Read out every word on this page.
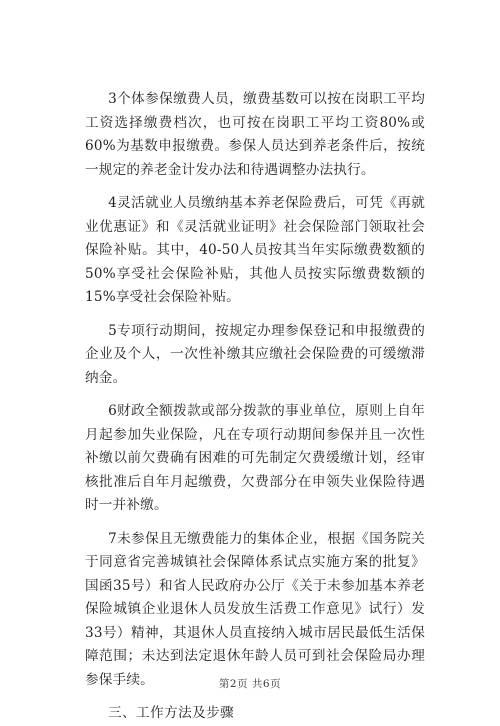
3个体参保缴费人员，缴费基数可以按在岗职工平均工资选择缴费档次，也可按在岗职工平均工资80%或60%为基数申报缴费。参保人员达到养老条件后，按统一规定的养老金计发办法和待遇调整办法执行。

4灵活就业人员缴纳基本养老保险费后，可凭《再就业优惠证》和《灵活就业证明》社会保险部门领取社会保险补贴。其中，40-50人员按其当年实际缴费数额的50%享受社会保险补贴，其他人员按实际缴费数额的15%享受社会保险补贴。

5专项行动期间，按规定办理参保登记和申报缴费的企业及个人，一次性补缴其应缴社会保险费的可缓缴滞纳金。

6财政全额拨款或部分拨款的事业单位，原则上自年月起参加失业保险，凡在专项行动期间参保并且一次性补缴以前欠费确有困难的可先制定欠费缓缴计划，经审核批准后自年月起缴费，欠费部分在申领失业保险待遇时一并补缴。

7未参保且无缴费能力的集体企业，根据《国务院关于同意省完善城镇社会保障体系试点实施方案的批复》国函35号）和省人民政府办公厅《关于未参加基本养老保险城镇企业退休人员发放生活费工作意见》试行）发33号）精神，其退休人员直接纳入城市居民最低生活保障范围；未达到法定退休年龄人员可到社会保险局办理参保手续。

三、工作方法及步骤

第2页 共6页
